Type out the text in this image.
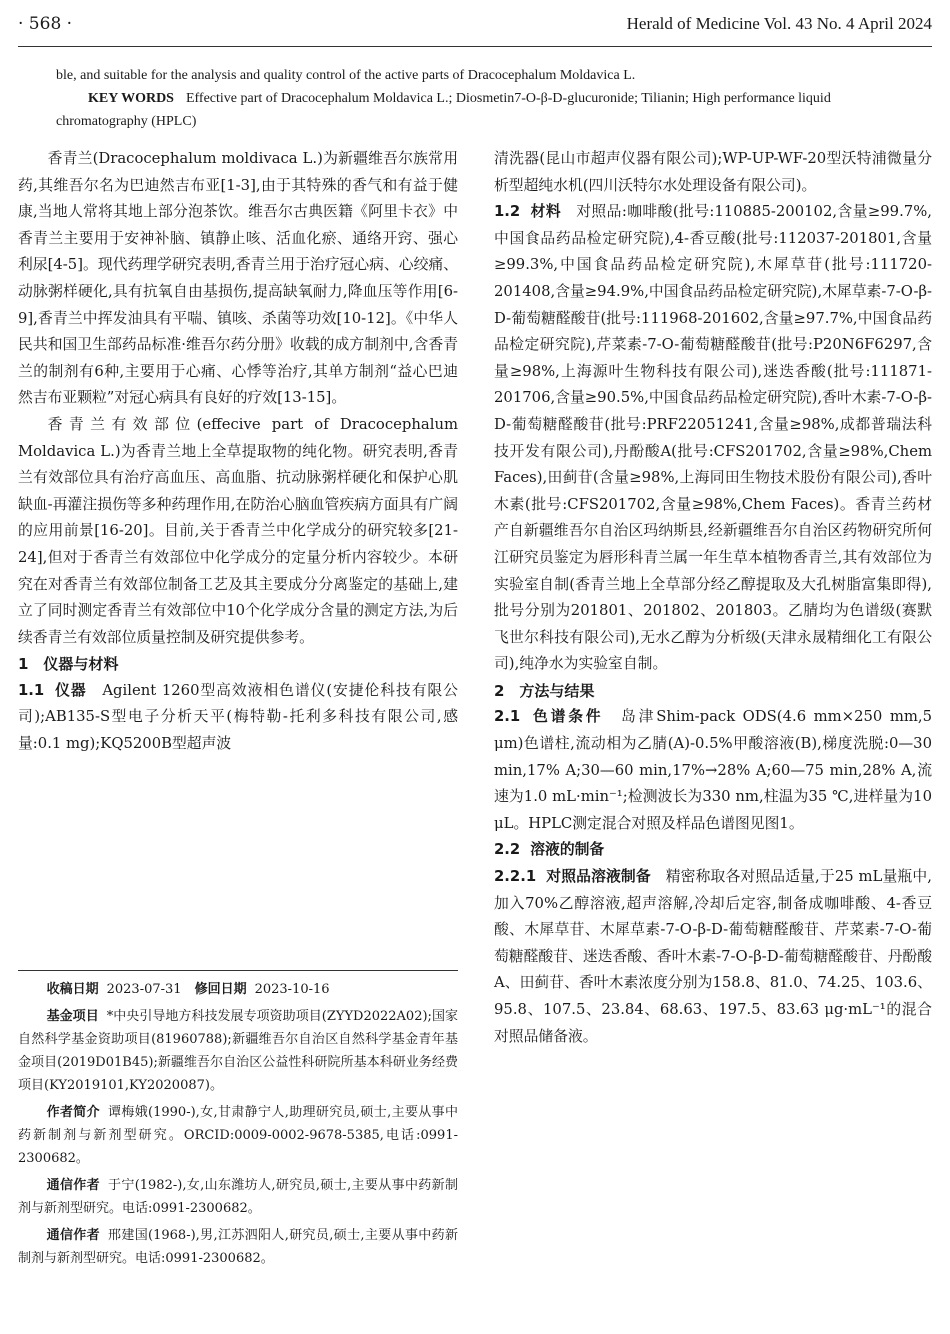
· 568 ·	Herald of Medicine Vol. 43 No. 4 April 2024

ble, and suitable for the analysis and quality control of the active parts of Dracocephalum Moldavica L.

KEY WORDS Effective part of Dracocephalum Moldavica L.; Diosmetin7-O-β-D-glucuronide; Tilianin; High performance liquid chromatography (HPLC)

香青兰(Dracocephalum moldivaca L.)为新疆维吾尔族常用药,其维吾尔名为巴迪然吉布亚[1-3],由于其特殊的香气和有益于健康,当地人常将其地上部分泡茶饮。维吾尔古典医籍《阿里卡衣》中香青兰主要用于安神补脑、镇静止咳、活血化瘀、通络开窍、强心利尿[4-5]。现代药理学研究表明,香青兰用于治疗冠心病、心绞痛、动脉粥样硬化,具有抗氧自由基损伤,提高缺氧耐力,降血压等作用[6-9],香青兰中挥发油具有平喘、镇咳、杀菌等功效[10-12]。《中华人民共和国卫生部药品标准·维吾尔药分册》收载的成方制剂中,含香青兰的制剂有6种,主要用于心痛、心悸等治疗,其单方制剂“益心巴迪然吉布亚颗粒”对冠心病具有良好的疗效[13-15]。

香青兰有效部位(effecive part of Dracocephalum Moldavica L.)为香青兰地上全草提取物的纯化物。研究表明,香青兰有效部位具有治疗高血压、高血脂、抗动脉粥样硬化和保护心肌缺血-再灌注损伤等多种药理作用,在防治心脑血管疾病方面具有广阔的应用前景[16-20]。目前,关于香青兰中化学成分的研究较多[21-24],但对于香青兰有效部位中化学成分的定量分析内容较少。本研究在对香青兰有效部位制备工艺及其主要成分分离鉴定的基础上,建立了同时测定香青兰有效部位中10个化学成分含量的测定方法,为后续香青兰有效部位质量控制及研究提供参考。

1　仪器与材料

1.1 仪器　 Agilent 1260型高效液相色谱仪(安捷伦科技有限公司);AB135-S型电子分析天平(梅特勒-托利多科技有限公司,感量:0.1 mg);KQ5200B型超声波

收稿日期 2023-07-31　 修回日期 2023-10-16

基金项目 *中央引导地方科技发展专项资助项目(ZYYD2022A02);国家自然科学基金资助项目(81960788);新疆维吾尔自治区自然科学基金青年基金项目(2019D01B45);新疆维吾尔自治区公益性科研院所基本科研业务经费项目(KY2019101,KY2020087)。

作者简介 谭梅娥(1990-),女,甘肃静宁人,助理研究员,硕士,主要从事中药新制剂与新剂型研究。ORCID:0009-0002-9678-5385,电话:0991-2300682。

通信作者 于宁(1982-),女,山东潍坊人,研究员,硕士,主要从事中药新制剂与新剂型研究。电话:0991-2300682。

通信作者 邢建国(1968-),男,江苏泗阳人,研究员,硕士,主要从事中药新制剂与新剂型研究。电话:0991-2300682。

清洗器(昆山市超声仪器有限公司);WP-UP-WF-20型沃特浦微量分析型超纯水机(四川沃特尔水处理设备有限公司)。

1.2 材料　 对照品:咖啡酸(批号:110885-200102,含量≥99.7%,中国食品药品检定研究院),4-香豆酸(批号:112037-201801,含量≥99.3%,中国食品药品检定研究院),木犀草苷(批号:111720-201408,含量≥94.9%,中国食品药品检定研究院),木犀草素-7-O-β-D-葡萄糖醛酸苷(批号:111968-201602,含量≥97.7%,中国食品药品检定研究院),芹菜素-7-O-葡萄糖醛酸苷(批号:P20N6F6297,含量≥98%,上海源叶生物科技有限公司),迷迭香酸(批号:111871-201706,含量≥90.5%,中国食品药品检定研究院),香叶木素-7-O-β-D-葡萄糖醛酸苷(批号:PRF22051241,含量≥98%,成都普瑞法科技开发有限公司),丹酚酸A(批号:CFS201702,含量≥98%,Chem Faces),田蓟苷(含量≥98%,上海同田生物技术股份有限公司),香叶木素(批号:CFS201702,含量≥98%,Chem Faces)。香青兰药材产自新疆维吾尔自治区玛纳斯县,经新疆维吾尔自治区药物研究所何江研究员鉴定为唇形科青兰属一年生草本植物香青兰,其有效部位为实验室自制(香青兰地上全草部分经乙醇提取及大孔树脂富集即得),批号分别为201801、201802、201803。乙腈均为色谱级(赛默飞世尔科技有限公司),无水乙醇为分析级(天津永晟精细化工有限公司),纯净水为实验室自制。

2　方法与结果

2.1 色谱条件　 岛津Shim-pack ODS(4.6 mm×250 mm,5 μm)色谱柱,流动相为乙腈(A)-0.5%甲酸溶液(B),梯度洗脱:0—30 min,17% A;30—60 min,17%→28% A;60—75 min,28% A,流速为1.0 mL·min⁻¹;检测波长为330 nm,柱温为35 ℃,进样量为10 μL。HPLC测定混合对照及样品色谱图见图1。

2.2 溶液的制备

2.2.1 对照品溶液制备　 精密称取各对照品适量,于25 mL量瓶中,加入70%乙醇溶液,超声溶解,冷却后定容,制备成咖啡酸、4-香豆酸、木犀草苷、木犀草素-7-O-β-D-葡萄糖醛酸苷、芹菜素-7-O-葡萄糖醛酸苷、迷迭香酸、香叶木素-7-O-β-D-葡萄糖醛酸苷、丹酚酸A、田蓟苷、香叶木素浓度分别为158.8、81.0、74.25、103.6、95.8、107.5、23.84、68.63、197.5、83.63 μg·mL⁻¹的混合对照品储备液。
